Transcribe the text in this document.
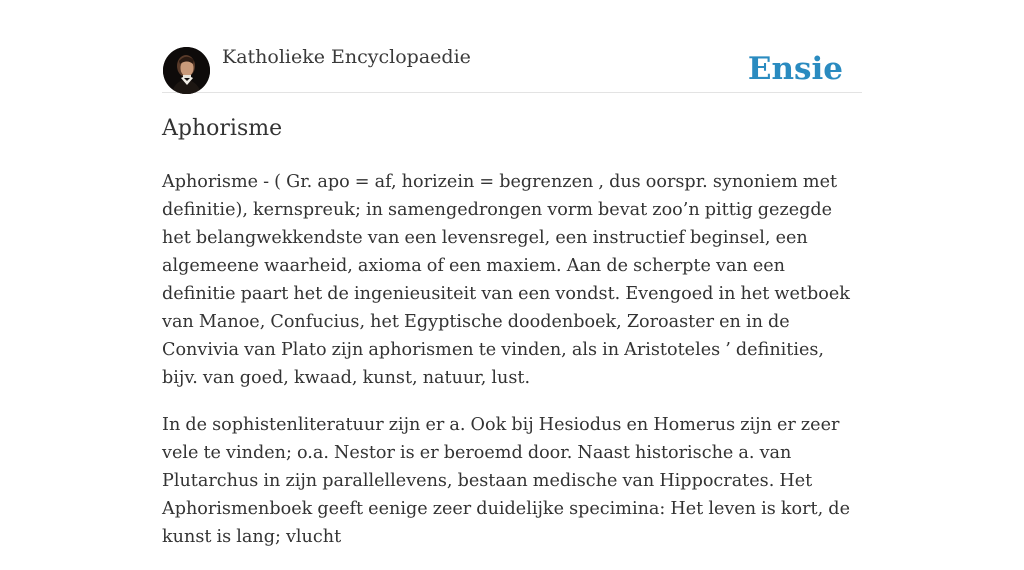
Katholieke Encyclopaedie	Ensie
Aphorisme

Aphorisme - ( Gr. apo = af, horizein = begrenzen , dus oorspr. synoniem met definitie), kernspreuk; in samengedrongen vorm bevat zoo’n pittig gezegde het belangwekkendste van een levensregel, een instructief beginsel, een algemeene waarheid, axioma of een maxiem. Aan de scherpte van een definitie paart het de ingenieusiteit van een vondst. Evengoed in het wetboek van Manoe, Confucius, het Egyptische doodenboek, Zoroaster en in de Convivia van Plato zijn aphorismen te vinden, als in Aristoteles ’ definities, bijv. van goed, kwaad, kunst, natuur, lust.

In de sophistenliteratuur zijn er a. Ook bij Hesiodus en Homerus zijn er zeer vele te vinden; o.a. Nestor is er beroemd door. Naast historische a. van Plutarchus in zijn parallellevens, bestaan medische van Hippocrates. Het Aphorismenboek geeft eenige zeer duidelijke specimina: Het leven is kort, de kunst is lang; vlucht
